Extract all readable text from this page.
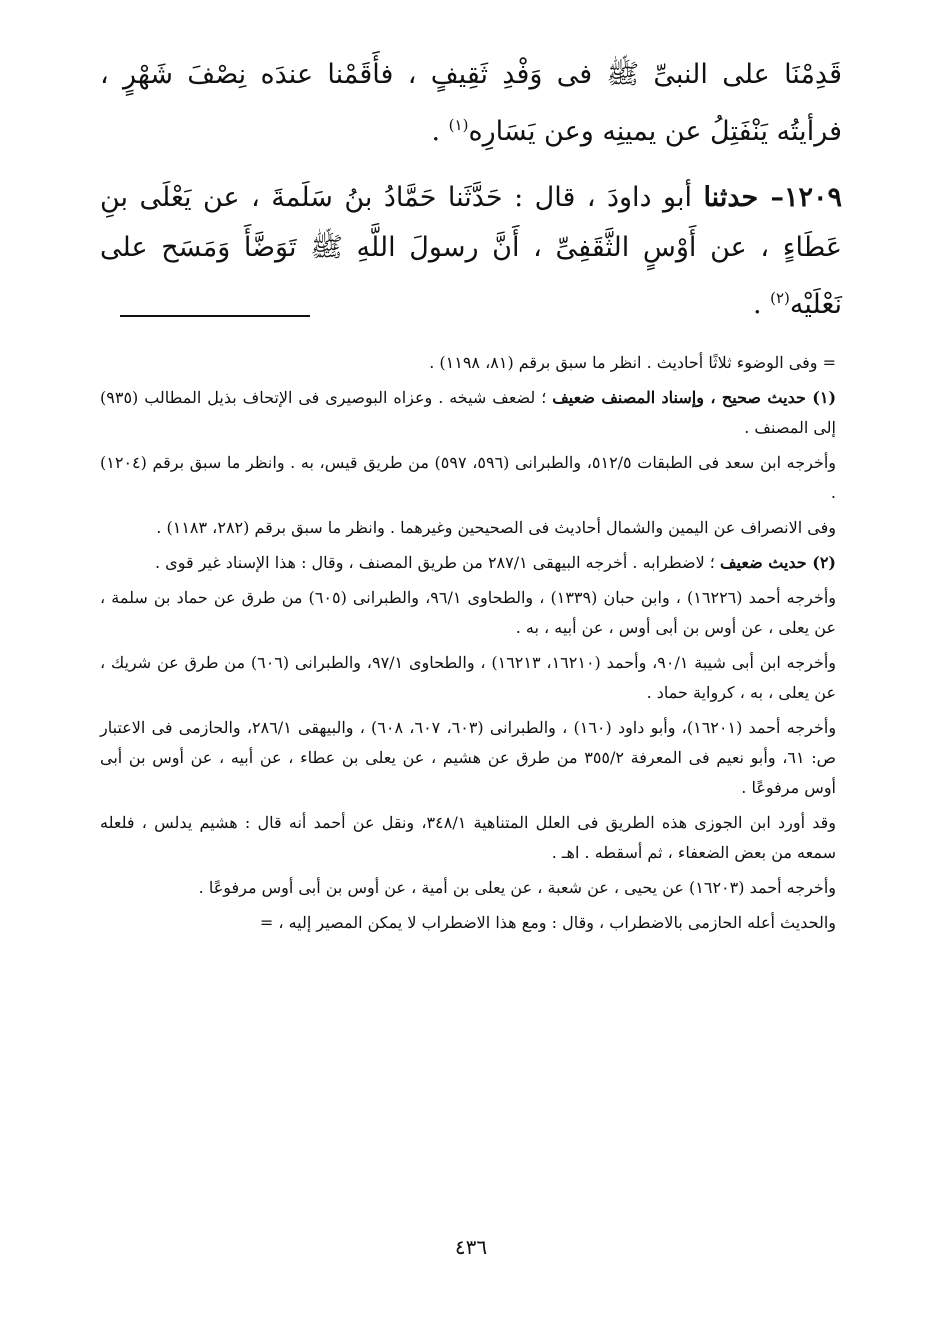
قَدِمْنَا على النبىِّ ﷺ فى وَفْدِ ثَقِيفٍ ، فأَقَمْنا عندَه نِصْفَ شَهْرٍ ، فرأيتُه يَنْفَتِلُ عن يمينِه وعن يَسَارِه$^{(١)}$ .

١٢٠٩– حدثنا أبو داودَ ، قال : حَدَّثَنا حَمَّادُ بنُ سَلَمةَ ، عن يَعْلَى بنِ عَطَاءٍ ، عن أَوْسٍ الثَّقَفِىِّ ، أَنَّ رسولَ اللَّهِ ﷺ تَوَضَّأَ وَمَسَح على نَعْلَيْه$^{(٢)}$ .

= وفى الوضوء ثلاثًا أحاديث . انظر ما سبق برقم (٨١، ١١٩٨) .

(١) حديث صحيح ، وإسناد المصنف ضعيف ؛ لضعف شيخه . وعزاه البوصيرى فى الإتحاف بذيل المطالب (٩٣٥) إلى المصنف .

وأخرجه ابن سعد فى الطبقات ٥١٢/٥، والطبرانى (٥٩٦، ٥٩٧) من طريق قيس، به . وانظر ما سبق برقم (١٢٠٤) .

وفى الانصراف عن اليمين والشمال أحاديث فى الصحيحين وغيرهما . وانظر ما سبق برقم (٢٨٢، ١١٨٣) .

(٢) حديث ضعيف ؛ لاضطرابه . أخرجه البيهقى ٢٨٧/١ من طريق المصنف ، وقال : هذا الإسناد غير قوى .

وأخرجه أحمد (١٦٢٢٦) ، وابن حبان (١٣٣٩) ، والطحاوى ٩٦/١، والطبرانى (٦٠٥) من طرق عن حماد بن سلمة ، عن يعلى ، عن أوس بن أبى أوس ، عن أبيه ، به .

وأخرجه ابن أبى شيبة ٩٠/١، وأحمد (١٦٢١٠، ١٦٢١٣) ، والطحاوى ٩٧/١، والطبرانى (٦٠٦) من طرق عن شريك ، عن يعلى ، به ، كرواية حماد .

وأخرجه أحمد (١٦٢٠١)، وأبو داود (١٦٠) ، والطبرانى (٦٠٣، ٦٠٧، ٦٠٨) ، والبيهقى ٢٨٦/١، والحازمى فى الاعتبار ص: ٦١، وأبو نعيم فى المعرفة ٣٥٥/٢ من طرق عن هشيم ، عن يعلى بن عطاء ، عن أبيه ، عن أوس بن أبى أوس مرفوعًا .

وقد أورد ابن الجوزى هذه الطريق فى العلل المتناهية ٣٤٨/١، ونقل عن أحمد أنه قال : هشيم يدلس ، فلعله سمعه من بعض الضعفاء ، ثم أسقطه . اهـ .

وأخرجه أحمد (١٦٢٠٣) عن يحيى ، عن شعبة ، عن يعلى بن أمية ، عن أوس بن أبى أوس مرفوعًا .

والحديث أعله الحازمى بالاضطراب ، وقال : ومع هذا الاضطراب لا يمكن المصير إليه ، =

٤٣٦
